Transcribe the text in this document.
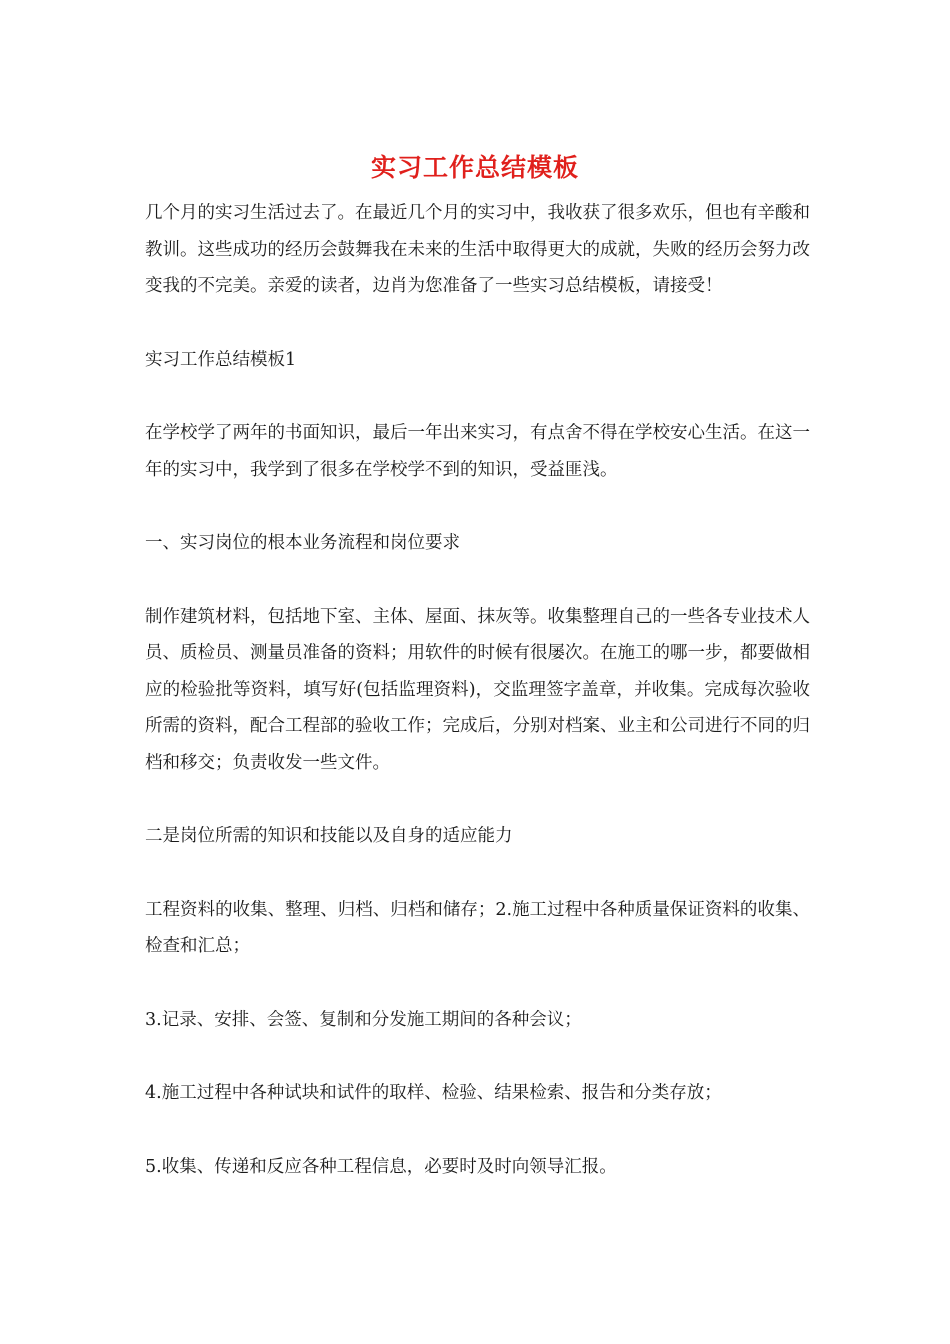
实习工作总结模板

几个月的实习生活过去了。在最近几个月的实习中，我收获了很多欢乐，但也有辛酸和教训。这些成功的经历会鼓舞我在未来的生活中取得更大的成就，失败的经历会努力改变我的不完美。亲爱的读者，边肖为您准备了一些实习总结模板，请接受！

实习工作总结模板1

在学校学了两年的书面知识，最后一年出来实习，有点舍不得在学校安心生活。在这一年的实习中，我学到了很多在学校学不到的知识，受益匪浅。

一、实习岗位的根本业务流程和岗位要求

制作建筑材料，包括地下室、主体、屋面、抹灰等。收集整理自己的一些各专业技术人员、质检员、测量员准备的资料；用软件的时候有很屡次。在施工的哪一步，都要做相应的检验批等资料，填写好(包括监理资料)，交监理签字盖章，并收集。完成每次验收所需的资料，配合工程部的验收工作；完成后，分别对档案、业主和公司进行不同的归档和移交；负责收发一些文件。

二是岗位所需的知识和技能以及自身的适应能力

工程资料的收集、整理、归档、归档和储存；2.施工过程中各种质量保证资料的收集、检查和汇总；

3.记录、安排、会签、复制和分发施工期间的各种会议；

4.施工过程中各种试块和试件的取样、检验、结果检索、报告和分类存放；

5.收集、传递和反应各种工程信息，必要时及时向领导汇报。
